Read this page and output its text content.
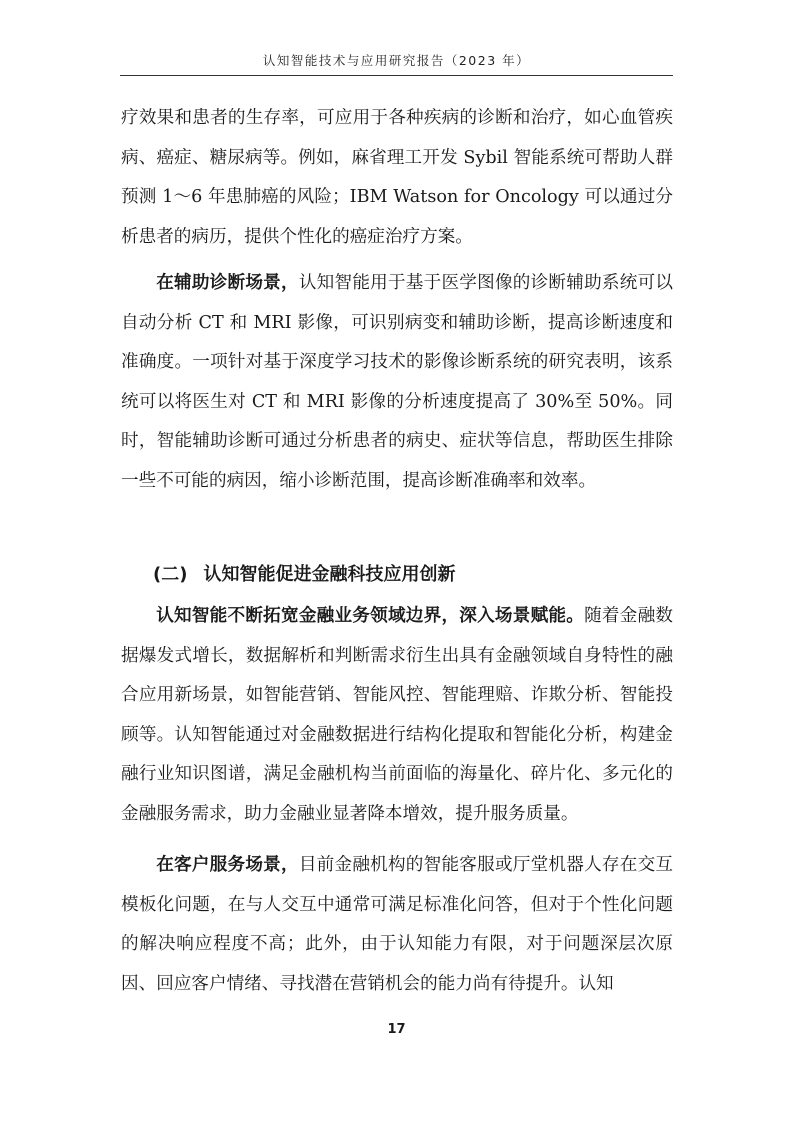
认知智能技术与应用研究报告（2023 年）

疗效果和患者的生存率，可应用于各种疾病的诊断和治疗，如心血管疾病、癌症、糖尿病等。例如，麻省理工开发 Sybil 智能系统可帮助人群预测 1～6 年患肺癌的风险；IBM Watson for Oncology 可以通过分析患者的病历，提供个性化的癌症治疗方案。

在辅助诊断场景，认知智能用于基于医学图像的诊断辅助系统可以自动分析 CT 和 MRI 影像，可识别病变和辅助诊断，提高诊断速度和准确度。一项针对基于深度学习技术的影像诊断系统的研究表明，该系统可以将医生对 CT 和 MRI 影像的分析速度提高了 30%至 50%。同时，智能辅助诊断可通过分析患者的病史、症状等信息，帮助医生排除一些不可能的病因，缩小诊断范围，提高诊断准确率和效率。

(二) 认知智能促进金融科技应用创新

认知智能不断拓宽金融业务领域边界，深入场景赋能。随着金融数据爆发式增长，数据解析和判断需求衍生出具有金融领域自身特性的融合应用新场景，如智能营销、智能风控、智能理赔、诈欺分析、智能投顾等。认知智能通过对金融数据进行结构化提取和智能化分析，构建金融行业知识图谱，满足金融机构当前面临的海量化、碎片化、多元化的金融服务需求，助力金融业显著降本增效，提升服务质量。

在客户服务场景，目前金融机构的智能客服或厅堂机器人存在交互模板化问题，在与人交互中通常可满足标准化问答，但对于个性化问题的解决响应程度不高；此外，由于认知能力有限，对于问题深层次原因、回应客户情绪、寻找潜在营销机会的能力尚有待提升。认知

17
